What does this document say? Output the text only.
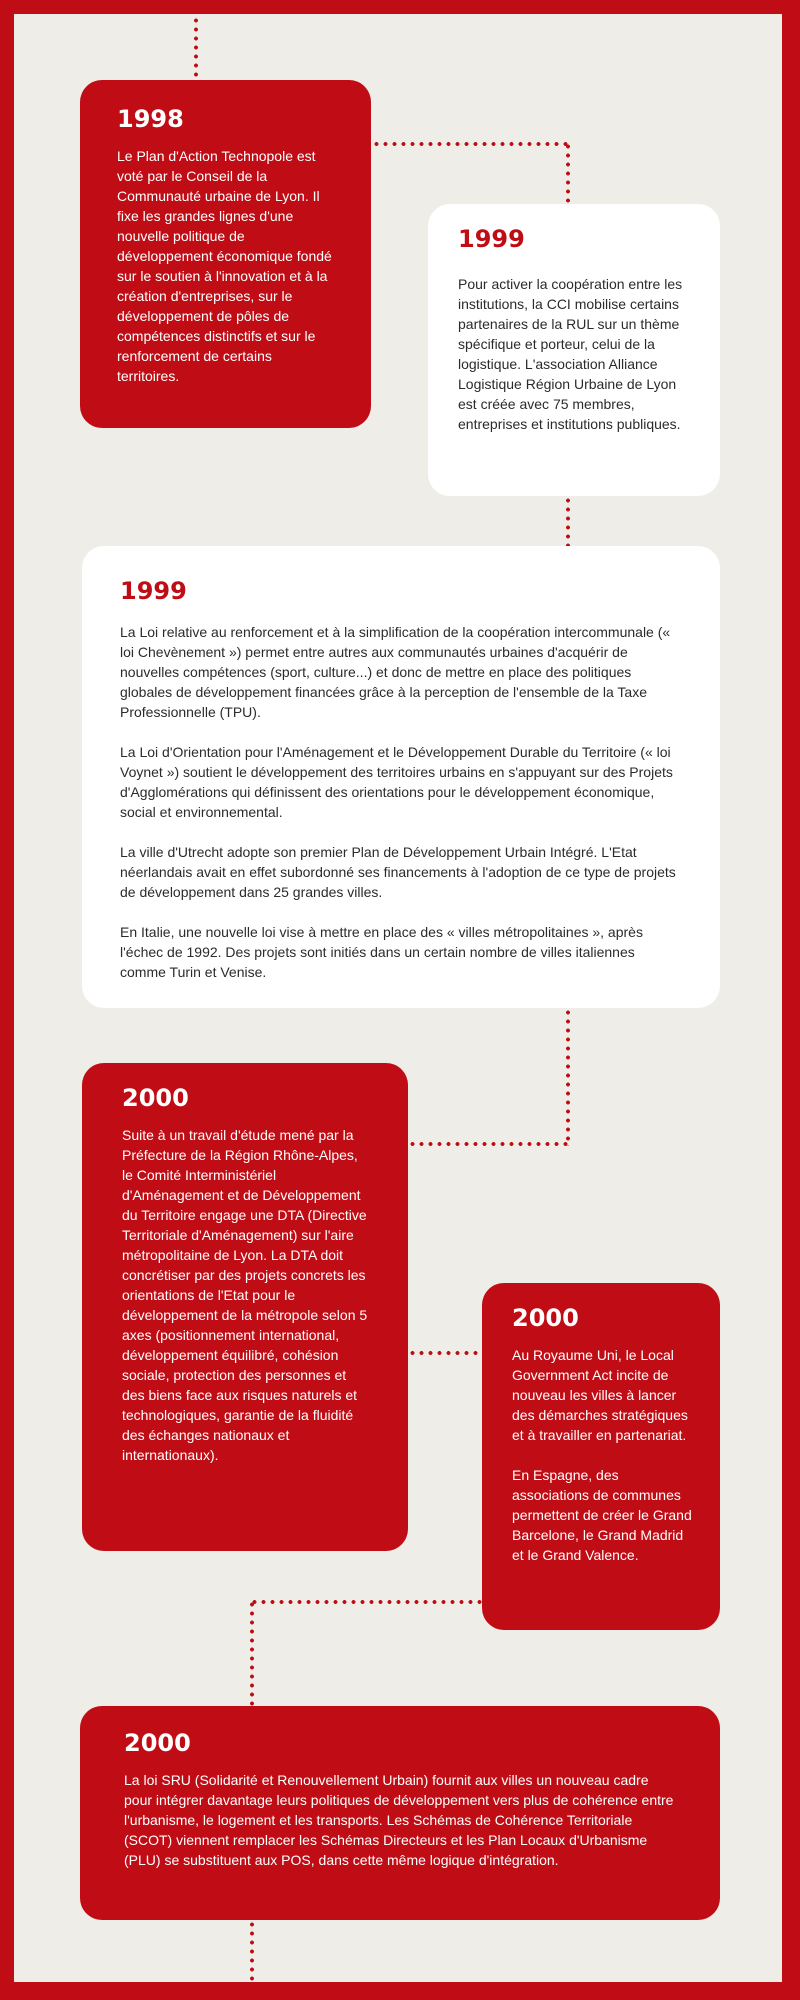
1998

Le Plan d'Action Technopole est voté par le Conseil de la Communauté urbaine de Lyon. Il fixe les grandes lignes d'une nouvelle politique de développement économique fondé sur le soutien à l'innovation et à la création d'entreprises, sur le développement de pôles de compétences distinctifs et sur le renforcement de certains territoires.

1999

Pour activer la coopération entre les institutions, la CCI mobilise certains partenaires de la RUL sur un thème spécifique et porteur, celui de la logistique. L'association Alliance Logistique Région Urbaine de Lyon est créée avec 75 membres, entreprises et institutions publiques.

1999

La Loi relative au renforcement et à la simplification de la coopération intercommunale (« loi Chevènement ») permet entre autres aux communautés urbaines d'acquérir de nouvelles compétences (sport, culture...) et donc de mettre en place des politiques globales de développement financées grâce à la perception de l'ensemble de la Taxe Professionnelle (TPU).

La Loi d'Orientation pour l'Aménagement et le Développement Durable du Territoire (« loi Voynet ») soutient le développement des territoires urbains en s'appuyant sur des Projets d'Agglomérations qui définissent des orientations pour le développement économique, social et environnemental.

La ville d'Utrecht adopte son premier Plan de Développement Urbain Intégré. L'Etat néerlandais avait en effet subordonné ses financements à l'adoption de ce type de projets de développement dans 25 grandes villes.

En Italie, une nouvelle loi vise à mettre en place des « villes métropolitaines », après l'échec de 1992. Des projets sont initiés dans un certain nombre de villes italiennes comme Turin et Venise.

2000

Suite à un travail d'étude mené par la Préfecture de la Région Rhône-Alpes, le Comité Interministériel d'Aménagement et de Développement du Territoire engage une DTA (Directive Territoriale d'Aménagement) sur l'aire métropolitaine de Lyon. La DTA doit concrétiser par des projets concrets les orientations de l'Etat pour le développement de la métropole selon 5 axes (positionnement international, développement équilibré, cohésion sociale, protection des personnes et des biens face aux risques naturels et technologiques, garantie de la fluidité des échanges nationaux et internationaux).

2000

Au Royaume Uni, le Local Government Act incite de nouveau les villes à lancer des démarches stratégiques et à travailler en partenariat.

En Espagne, des associations de communes permettent de créer le Grand Barcelone, le Grand Madrid et le Grand Valence.

2000

La loi SRU (Solidarité et Renouvellement Urbain) fournit aux villes un nouveau cadre pour intégrer davantage leurs politiques de développement vers plus de cohérence entre l'urbanisme, le logement et les transports. Les Schémas de Cohérence Territoriale (SCOT) viennent remplacer les Schémas Directeurs et les Plan Locaux d'Urbanisme (PLU) se substituent aux POS, dans cette même logique d'intégration.
